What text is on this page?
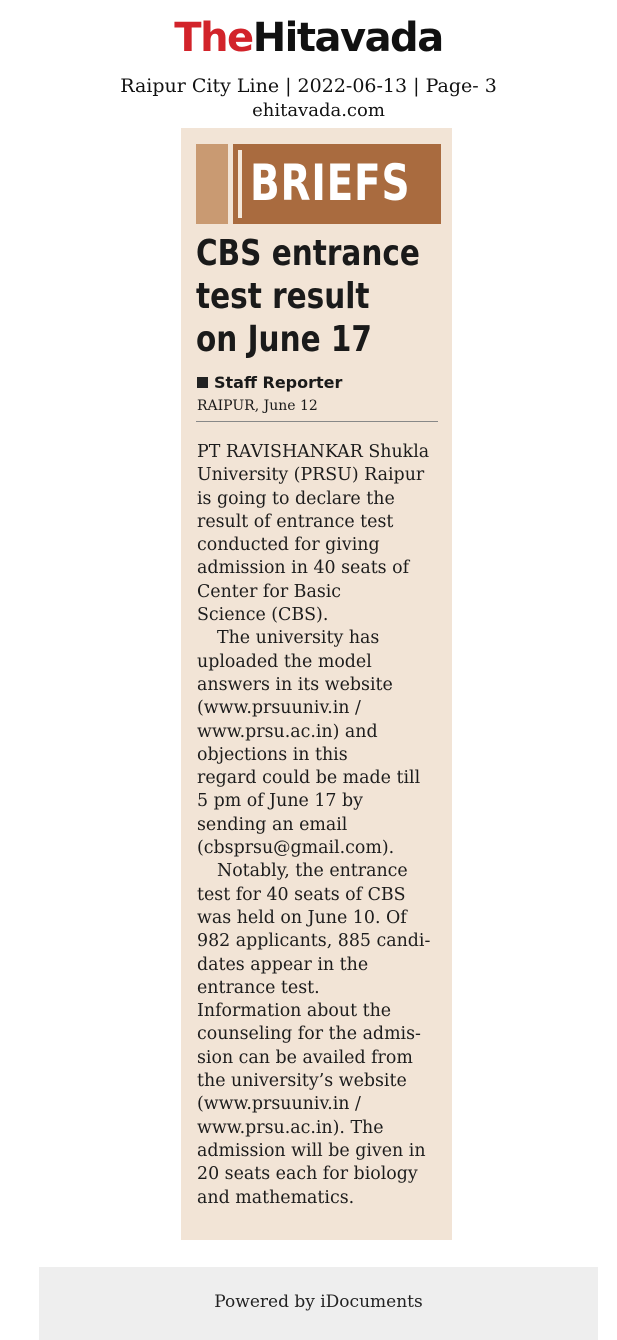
TheHitavada
Raipur City Line | 2022-06-13 | Page- 3
ehitavada.com
BRIEFS
CBS entrance
test result
on June 17
Staff Reporter
RAIPUR, June 12
PT RAVISHANKAR Shukla
University (PRSU) Raipur
is going to declare the
result of entrance test
conducted for giving
admission in 40 seats of
Center for Basic
Science (CBS).
The university has
uploaded the model
answers in its website
(www.prsuuniv.in /
www.prsu.ac.in) and
objections in this
regard could be made till
5 pm of June 17 by
sending an email
(cbsprsu@gmail.com).
Notably, the entrance
test for 40 seats of CBS
was held on June 10. Of
982 applicants, 885 candi-
dates appear in the
entrance test.
Information about the
counseling for the admis-
sion can be availed from
the university’s website
(www.prsuuniv.in /
www.prsu.ac.in). The
admission will be given in
20 seats each for biology
and mathematics.
Powered by iDocuments
